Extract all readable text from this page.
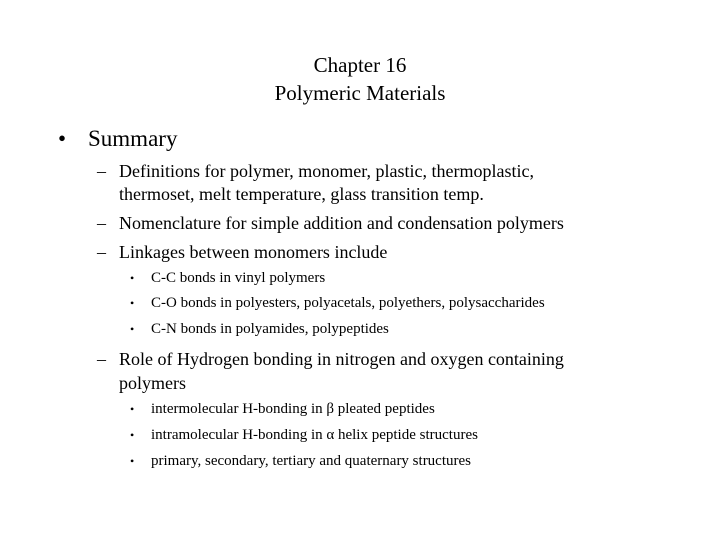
Chapter 16
Polymeric Materials
• Summary
– Definitions for polymer, monomer, plastic, thermoplastic,
thermoset, melt temperature, glass transition temp.
– Nomenclature for simple addition and condensation polymers
– Linkages between monomers include
• C-C bonds in vinyl polymers
• C-O bonds in polyesters, polyacetals, polyethers, polysaccharides
• C-N bonds in polyamides, polypeptides
– Role of Hydrogen bonding in nitrogen and oxygen containing
polymers
• intermolecular H-bonding in β pleated peptides
• intramolecular H-bonding in α helix peptide structures
• primary, secondary, tertiary and quaternary structures
